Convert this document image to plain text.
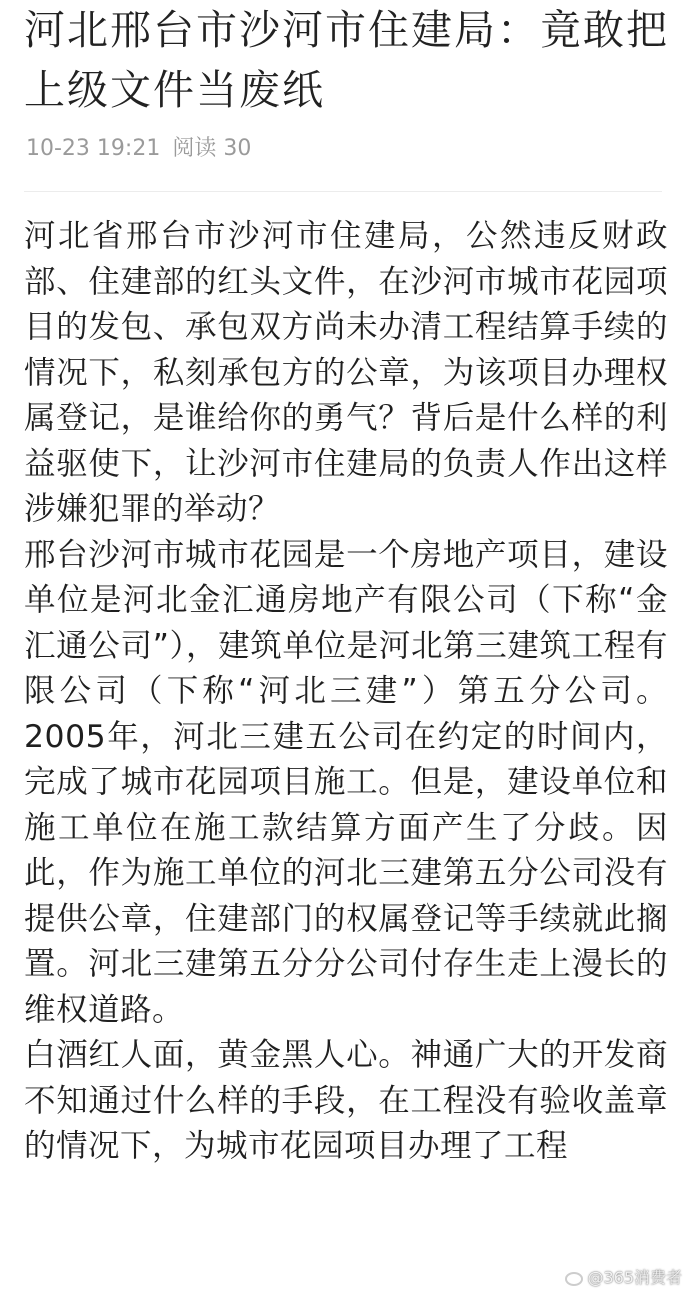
河北邢台市沙河市住建局：竟敢把上级文件当废纸
10-23 19:21 阅读 30

河北省邢台市沙河市住建局，公然违反财政部、住建部的红头文件，在沙河市城市花园项目的发包、承包双方尚未办清工程结算手续的情况下，私刻承包方的公章，为该项目办理权属登记，是谁给你的勇气？背后是什么样的利益驱使下，让沙河市住建局的负责人作出这样涉嫌犯罪的举动？

邢台沙河市城市花园是一个房地产项目，建设单位是河北金汇通房地产有限公司（下称“金汇通公司”），建筑单位是河北第三建筑工程有限公司（下称“河北三建”）第五分公司。2005年，河北三建五公司在约定的时间内，完成了城市花园项目施工。但是，建设单位和施工单位在施工款结算方面产生了分歧。因此，作为施工单位的河北三建第五分公司没有提供公章，住建部门的权属登记等手续就此搁置。河北三建第五分分公司付存生走上漫长的维权道路。

白酒红人面，黄金黑人心。神通广大的开发商不知通过什么样的手段，在工程没有验收盖章的情况下，为城市花园项目办理了工程

@365消费者
